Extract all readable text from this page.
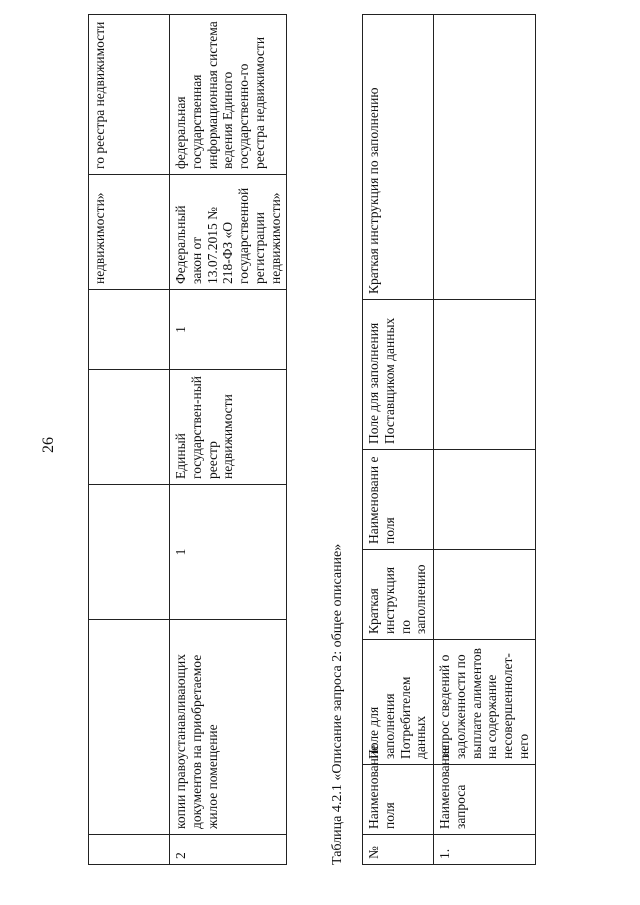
26
					недвижимости»	го реестра недвижимости
2	копии правоустанавливающих документов на приобретаемое жилое помещение	1	Единый государствен-ный реестр недвижимости	1	Федеральный закон от 13.07.2015 № 218-ФЗ «О государственной регистрации недвижимости»	федеральная государственная информационная система ведения Единого государственно-го реестра недвижимости
Таблица 4.2.1 «Описание запроса 2: общее описание» №	Наименование поля	Поле для заполнения Потребителем данных	Краткая инструкция по заполнению	Наименовани е поля	Поле для заполнения Поставщиком данных	Краткая инструкция по заполнению
1.	Наименование запроса	запрос сведений о задолженности по выплате алиментов на содержание несовершеннолет-него				
